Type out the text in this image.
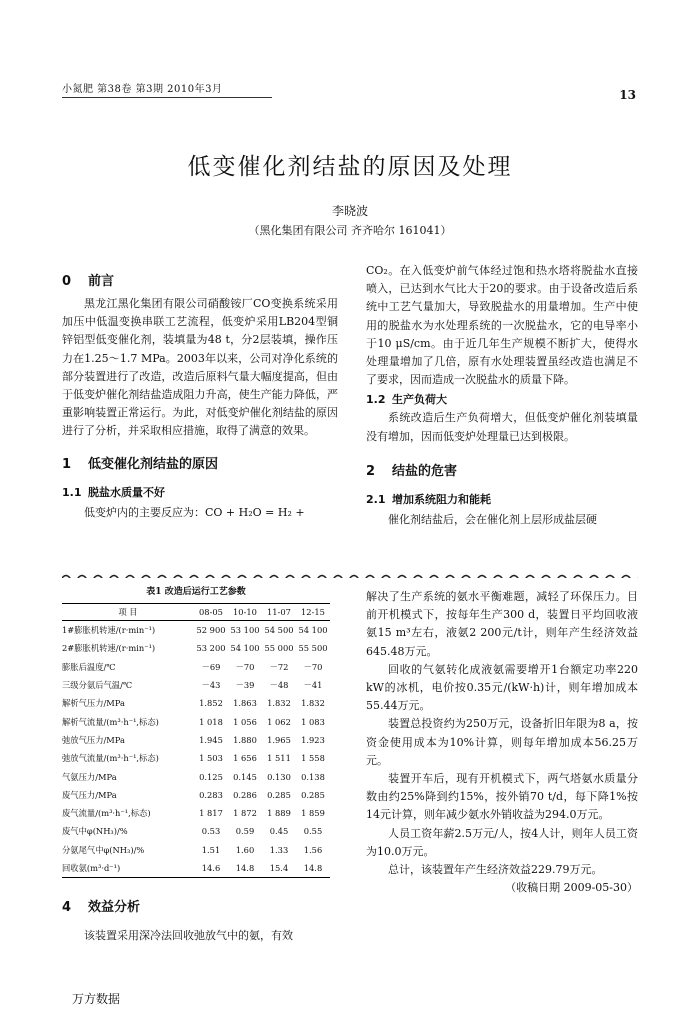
小氮肥 第38卷 第3期 2010年3月	13
低变催化剂结盐的原因及处理
李晓波
（黑化集团有限公司 齐齐哈尔 161041）
0 前言
黑龙江黑化集团有限公司硝酸铵厂CO变换系统采用加压中低温变换串联工艺流程，低变炉采用LB204型铜锌铝型低变催化剂，装填量为48 t，分2层装填，操作压力在1.25～1.7 MPa。2003年以来，公司对净化系统的部分装置进行了改造，改造后原料气量大幅度提高，但由于低变炉催化剂结盐造成阻力升高，使生产能力降低，严重影响装置正常运行。为此，对低变炉催化剂结盐的原因进行了分析，并采取相应措施，取得了满意的效果。
1 低变催化剂结盐的原因
1.1 脱盐水质量不好
低变炉内的主要反应为：CO + H₂O = H₂ +
CO₂。在入低变炉前气体经过饱和热水塔将脱盐水直接喷入，已达到水气比大于20的要求。由于设备改造后系统中工艺气量加大，导致脱盐水的用量增加。生产中使用的脱盐水为水处理系统的一次脱盐水，它的电导率小于10 μS/cm。由于近几年生产规模不断扩大，使得水处理量增加了几倍，原有水处理装置虽经改造也满足不了要求，因而造成一次脱盐水的质量下降。
1.2 生产负荷大
系统改造后生产负荷增大，但低变炉催化剂装填量没有增加，因而低变炉处理量已达到极限。
2 结盐的危害
2.1 增加系统阻力和能耗
催化剂结盐后，会在催化剂上层形成盐层硬
表1 改造后运行工艺参数
项 目	08-05	10-10	11-07	12-15
1#膨胀机转速/(r·min⁻¹)	52 900	53 100	54 500	54 100
2#膨胀机转速/(r·min⁻¹)	53 200	54 100	55 000	55 500
膨胀后温度/℃	－69	－70	－72	－70
三级分氨后气温/℃	－43	－39	－48	－41
解析气压力/MPa	1.852	1.863	1.832	1.832
解析气流量/(m³·h⁻¹,标态)	1 018	1 056	1 062	1 083
弛放气压力/MPa	1.945	1.880	1.965	1.923
弛放气流量/(m³·h⁻¹,标态)	1 503	1 656	1 511	1 558
气氨压力/MPa	0.125	0.145	0.130	0.138
废气压力/MPa	0.283	0.286	0.285	0.285
废气流量/(m³·h⁻¹,标态)	1 817	1 872	1 889	1 859
废气中φ(NH₃)/%	0.53	0.59	0.45	0.55
分氨尾气中φ(NH₃)/%	1.51	1.60	1.33	1.56
回收氨(m³·d⁻¹)	14.6	14.8	15.4	14.8
4 效益分析
该装置采用深冷法回收弛放气中的氨，有效
解决了生产系统的氨水平衡难题，减轻了环保压力。目前开机模式下，按每年生产300 d，装置日平均回收液氨15 m³左右，液氨2 200元/t计，则年产生经济效益645.48万元。
回收的气氨转化成液氨需要增开1台额定功率220 kW的冰机，电价按0.35元/(kW·h)计，则年增加成本55.44万元。
装置总投资约为250万元，设备折旧年限为8 a，按资金使用成本为10%计算，则每年增加成本56.25万元。
装置开车后，现有开机模式下，两气塔氨水质量分数由约25%降到约15%，按外销70 t/d，每下降1%按14元计算，则年减少氨水外销收益为294.0万元。
人员工资年薪2.5万元/人，按4人计，则年人员工资为10.0万元。
总计，该装置年产生经济效益229.79万元。
（收稿日期 2009-05-30）
万方数据
